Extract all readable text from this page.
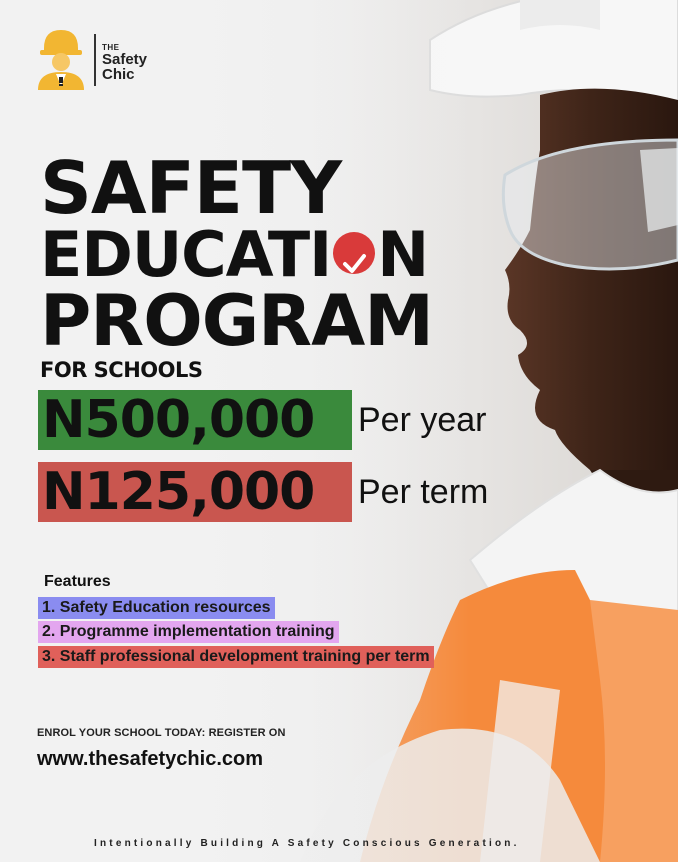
THE
Safety
Chic
SAFETY
EDUCATI N
PROGRAM
FOR SCHOOLS
N500,000	Per year
N125,000	Per term
Features
1. Safety Education resources
2. Programme implementation training
3. Staff professional development training per term
ENROL YOUR SCHOOL TODAY: REGISTER ON
www.thesafetychic.com
Intentionally Building A Safety Conscious Generation.
